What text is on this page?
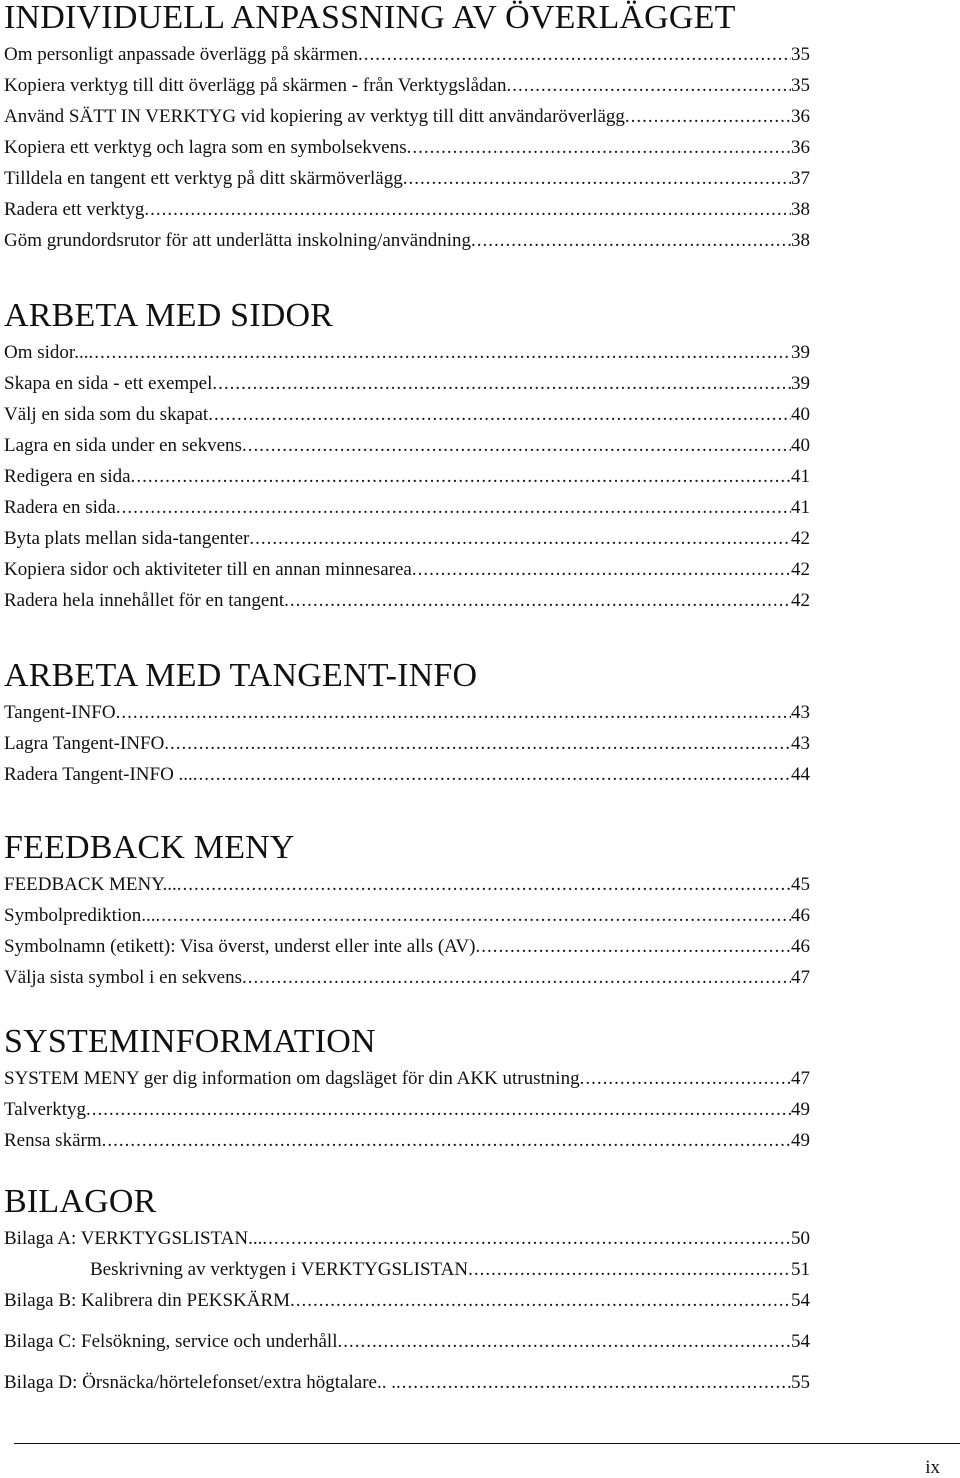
INDIVIDUELL ANPASSNING AV ÖVERLÄGGET
Om personligt anpassade överlägg på skärmen .....	35
Kopiera verktyg till ditt överlägg på skärmen - från Verktygslådan .....	35
Använd SÄTT IN VERKTYG vid kopiering av verktyg till ditt användaröverlägg .....	36
Kopiera ett verktyg och lagra som en symbolsekvens .....	36
Tilldela en tangent ett verktyg på ditt skärmöverlägg .....	37
Radera ett verktyg .....	38
Göm grundordsrutor för att underlätta inskolning/användning .....	38
ARBETA MED SIDOR
Om sidor... .....	39
Skapa en sida - ett exempel .....	39
Välj en sida som du skapat .....	40
Lagra en sida under en sekvens .....	40
Redigera en sida .....	41
Radera en sida .....	41
Byta plats mellan sida-tangenter .....	42
Kopiera sidor och aktiviteter till en annan minnesarea .....	42
Radera hela innehållet för en tangent .....	42
ARBETA MED TANGENT-INFO
Tangent-INFO .....	43
Lagra Tangent-INFO .....	43
Radera Tangent-INFO ... .....	44
FEEDBACK MENY
FEEDBACK MENY... .....	45
Symbolprediktion... .....	46
Symbolnamn (etikett): Visa överst, underst eller inte alls (AV) .....	46
Välja sista symbol i en sekvens .....	47
SYSTEMINFORMATION
SYSTEM MENY ger dig information om dagsläget för din AKK utrustning .....	47
Talverktyg .....	49
Rensa skärm .....	49
BILAGOR
Bilaga A: VERKTYGSLISTAN... .....	50
Beskrivning av verktygen i VERKTYGSLISTAN .....	51
Bilaga B: Kalibrera din PEKSKÄRM .....	54
Bilaga C: Felsökning, service och underhåll .....	54
Bilaga D: Örsnäcka/hörtelefonset/extra högtalare.. . .....	55
ix
